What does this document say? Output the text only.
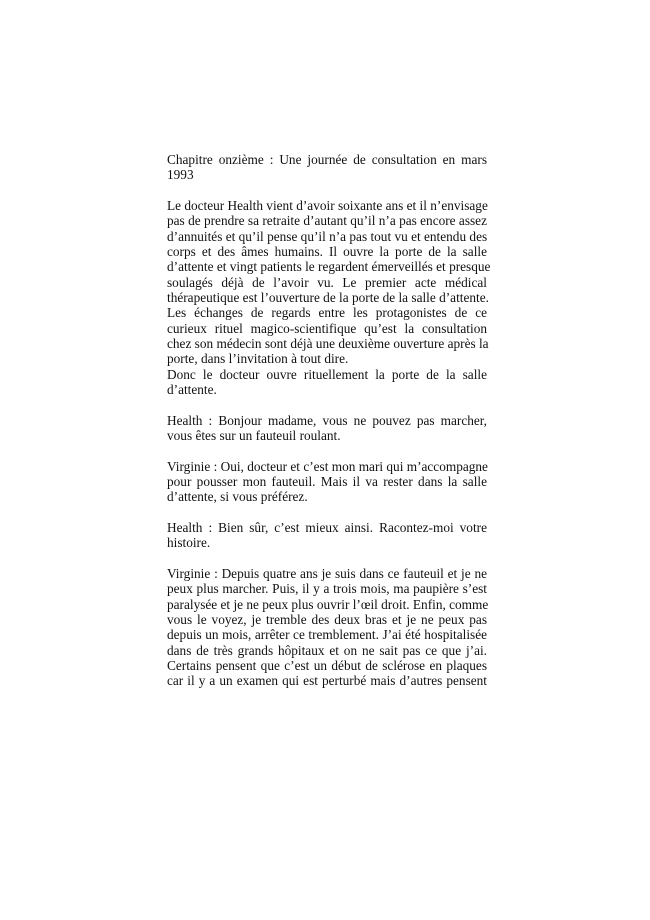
Chapitre onzième : Une journée de consultation en mars
1993
Le docteur Health vient d’avoir soixante ans et il n’envisage
pas de prendre sa retraite d’autant qu’il n’a pas encore assez
d’annuités et qu’il pense qu’il n’a pas tout vu et entendu des
corps et des âmes humains. Il ouvre la porte de la salle
d’attente et vingt patients le regardent émerveillés et presque
soulagés déjà de l’avoir vu. Le premier acte médical
thérapeutique est l’ouverture de la porte de la salle d’attente.
Les échanges de regards entre les protagonistes de ce
curieux rituel magico-scientifique qu’est la consultation
chez son médecin sont déjà une deuxième ouverture après la
porte, dans l’invitation à tout dire.
Donc le docteur ouvre rituellement la porte de la salle
d’attente.
Health : Bonjour madame, vous ne pouvez pas marcher,
vous êtes sur un fauteuil roulant.
Virginie : Oui, docteur et c’est mon mari qui m’accompagne
pour pousser mon fauteuil. Mais il va rester dans la salle
d’attente, si vous préférez.
Health : Bien sûr, c’est mieux ainsi. Racontez-moi votre
histoire.
Virginie : Depuis quatre ans je suis dans ce fauteuil et je ne
peux plus marcher. Puis, il y a trois mois, ma paupière s’est
paralysée et je ne peux plus ouvrir l’œil droit. Enfin, comme
vous le voyez, je tremble des deux bras et je ne peux pas
depuis un mois, arrêter ce tremblement. J’ai été hospitalisée
dans de très grands hôpitaux et on ne sait pas ce que j’ai.
Certains pensent que c’est un début de sclérose en plaques
car il y a un examen qui est perturbé mais d’autres pensent
